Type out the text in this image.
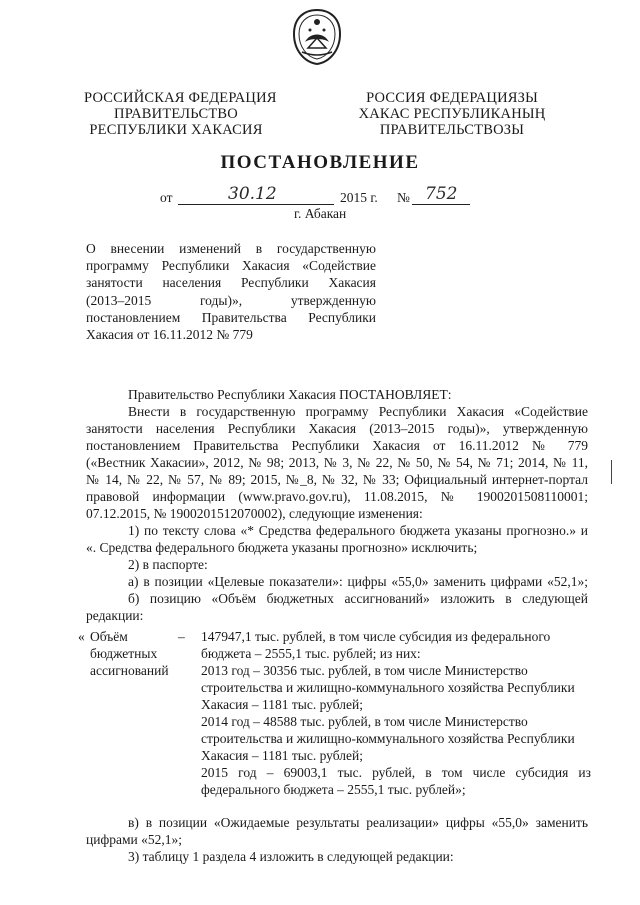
РОССИЙСКАЯ ФЕДЕРАЦИЯ
ПРАВИТЕЛЬСТВО
РЕСПУБЛИКИ ХАКАСИЯ
РОССИЯ ФЕДЕРАЦИЯЗЫ
ХАКАС РЕСПУБЛИКАНЫҢ
ПРАВИТЕЛЬСТВОЗЫ
ПОСТАНОВЛЕНИЕ
от	30.12	2015 г. № 752
г. Абакан
О внесении изменений в государственную
программу Республики Хакасия «Содействие
занятости населения Республики Хакасия
(2013–2015 годы)», утвержденную
постановлением Правительства Республики
Хакасия от 16.11.2012 № 779
Правительство Республики Хакасия ПОСТАНОВЛЯЕТ:
Внести в государственную программу Республики Хакасия «Содействие
занятости населения Республики Хакасия (2013–2015 годы)», утвержденную
постановлением Правительства Республики Хакасия от 16.11.2012 № 779
(«Вестник Хакасии», 2012, № 98; 2013, № 3, № 22, № 50, № 54, № 71; 2014, № 11,
№ 14, № 22, № 57, № 89; 2015, №_8, № 32, № 33; Официальный интернет-портал
правовой информации (www.pravo.gov.ru), 11.08.2015, № 1900201508110001;
07.12.2015, № 1900201512070002), следующие изменения:
1) по тексту слова «* Средства федерального бюджета указаны прогнозно.» и
«. Средства федерального бюджета указаны прогнозно» исключить;
2) в паспорте:
а) в позиции «Целевые показатели»: цифры «55,0» заменить цифрами «52,1»;
б) позицию «Объём бюджетных ассигнований» изложить в следующей
редакции:
« Объём
бюджетных
ассигнований
– 147947,1 тыс. рублей, в том числе субсидия из федерального
бюджета – 2555,1 тыс. рублей; из них:
2013 год – 30356 тыс. рублей, в том числе Министерство
строительства и жилищно-коммунального хозяйства Республики
Хакасия – 1181 тыс. рублей;
2014 год – 48588 тыс. рублей, в том числе Министерство
строительства и жилищно-коммунального хозяйства Республики
Хакасия – 1181 тыс. рублей;
2015 год – 69003,1 тыс. рублей, в том числе субсидия из
федерального бюджета – 2555,1 тыс. рублей»;
в) в позиции «Ожидаемые результаты реализации» цифры «55,0» заменить
цифрами «52,1»;
3) таблицу 1 раздела 4 изложить в следующей редакции:
